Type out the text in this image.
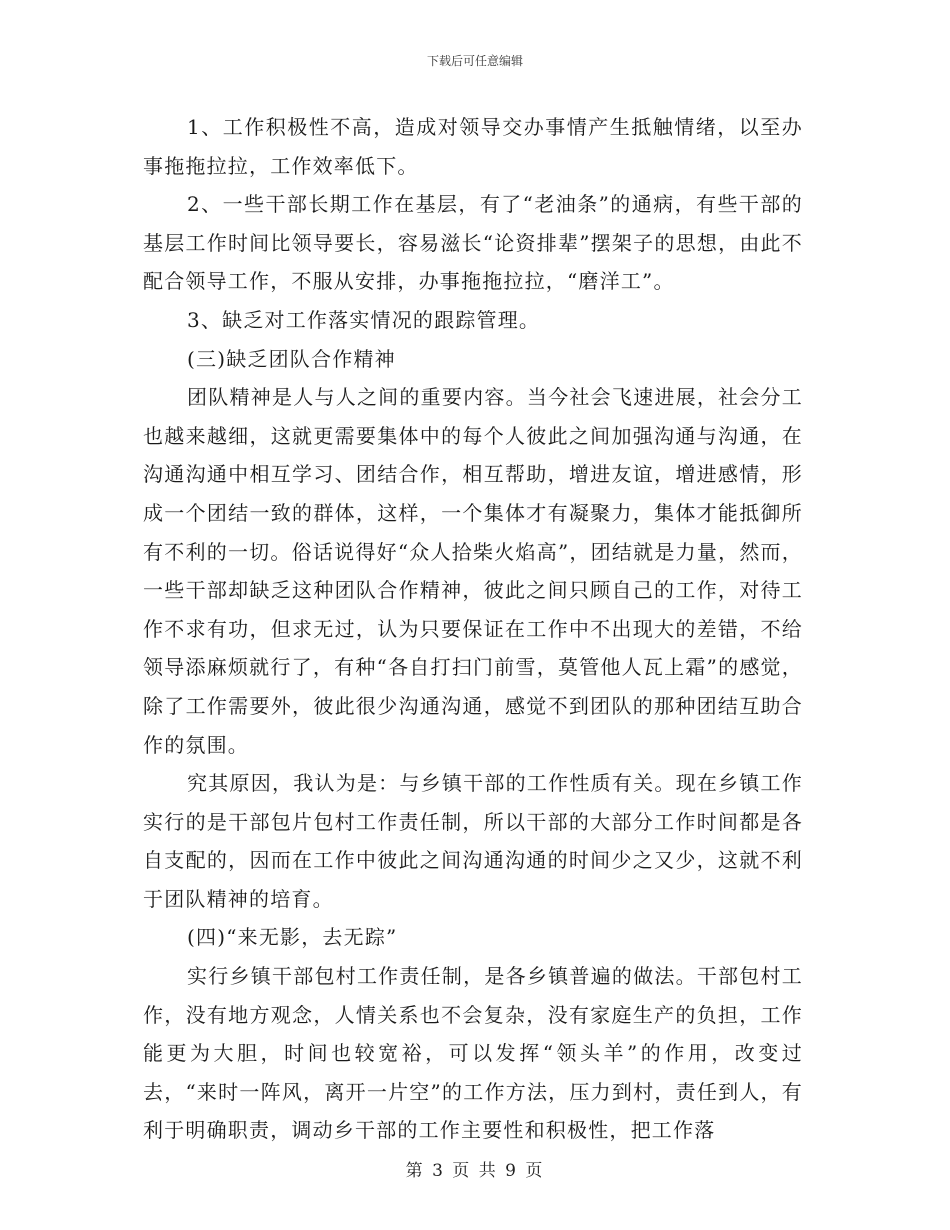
下载后可任意编辑

1、工作积极性不高，造成对领导交办事情产生抵触情绪，以至办事拖拖拉拉，工作效率低下。

2、一些干部长期工作在基层，有了“老油条”的通病，有些干部的基层工作时间比领导要长，容易滋长“论资排辈”摆架子的思想，由此不配合领导工作，不服从安排，办事拖拖拉拉，“磨洋工”。

3、缺乏对工作落实情况的跟踪管理。

(三)缺乏团队合作精神

团队精神是人与人之间的重要内容。当今社会飞速进展，社会分工也越来越细，这就更需要集体中的每个人彼此之间加强沟通与沟通，在沟通沟通中相互学习、团结合作，相互帮助，增进友谊，增进感情，形成一个团结一致的群体，这样，一个集体才有凝聚力，集体才能抵御所有不利的一切。俗话说得好“众人拾柴火焰高”，团结就是力量，然而，一些干部却缺乏这种团队合作精神，彼此之间只顾自己的工作，对待工作不求有功，但求无过，认为只要保证在工作中不出现大的差错，不给领导添麻烦就行了，有种“各自打扫门前雪，莫管他人瓦上霜”的感觉，除了工作需要外，彼此很少沟通沟通，感觉不到团队的那种团结互助合作的氛围。

究其原因，我认为是：与乡镇干部的工作性质有关。现在乡镇工作实行的是干部包片包村工作责任制，所以干部的大部分工作时间都是各自支配的，因而在工作中彼此之间沟通沟通的时间少之又少，这就不利于团队精神的培育。

(四)“来无影，去无踪”

实行乡镇干部包村工作责任制，是各乡镇普遍的做法。干部包村工作，没有地方观念，人情关系也不会复杂，没有家庭生产的负担，工作能更为大胆，时间也较宽裕，可以发挥“领头羊”的作用，改变过去，“来时一阵风，离开一片空”的工作方法，压力到村，责任到人，有利于明确职责，调动乡干部的工作主要性和积极性，把工作落

第 3 页 共 9 页
